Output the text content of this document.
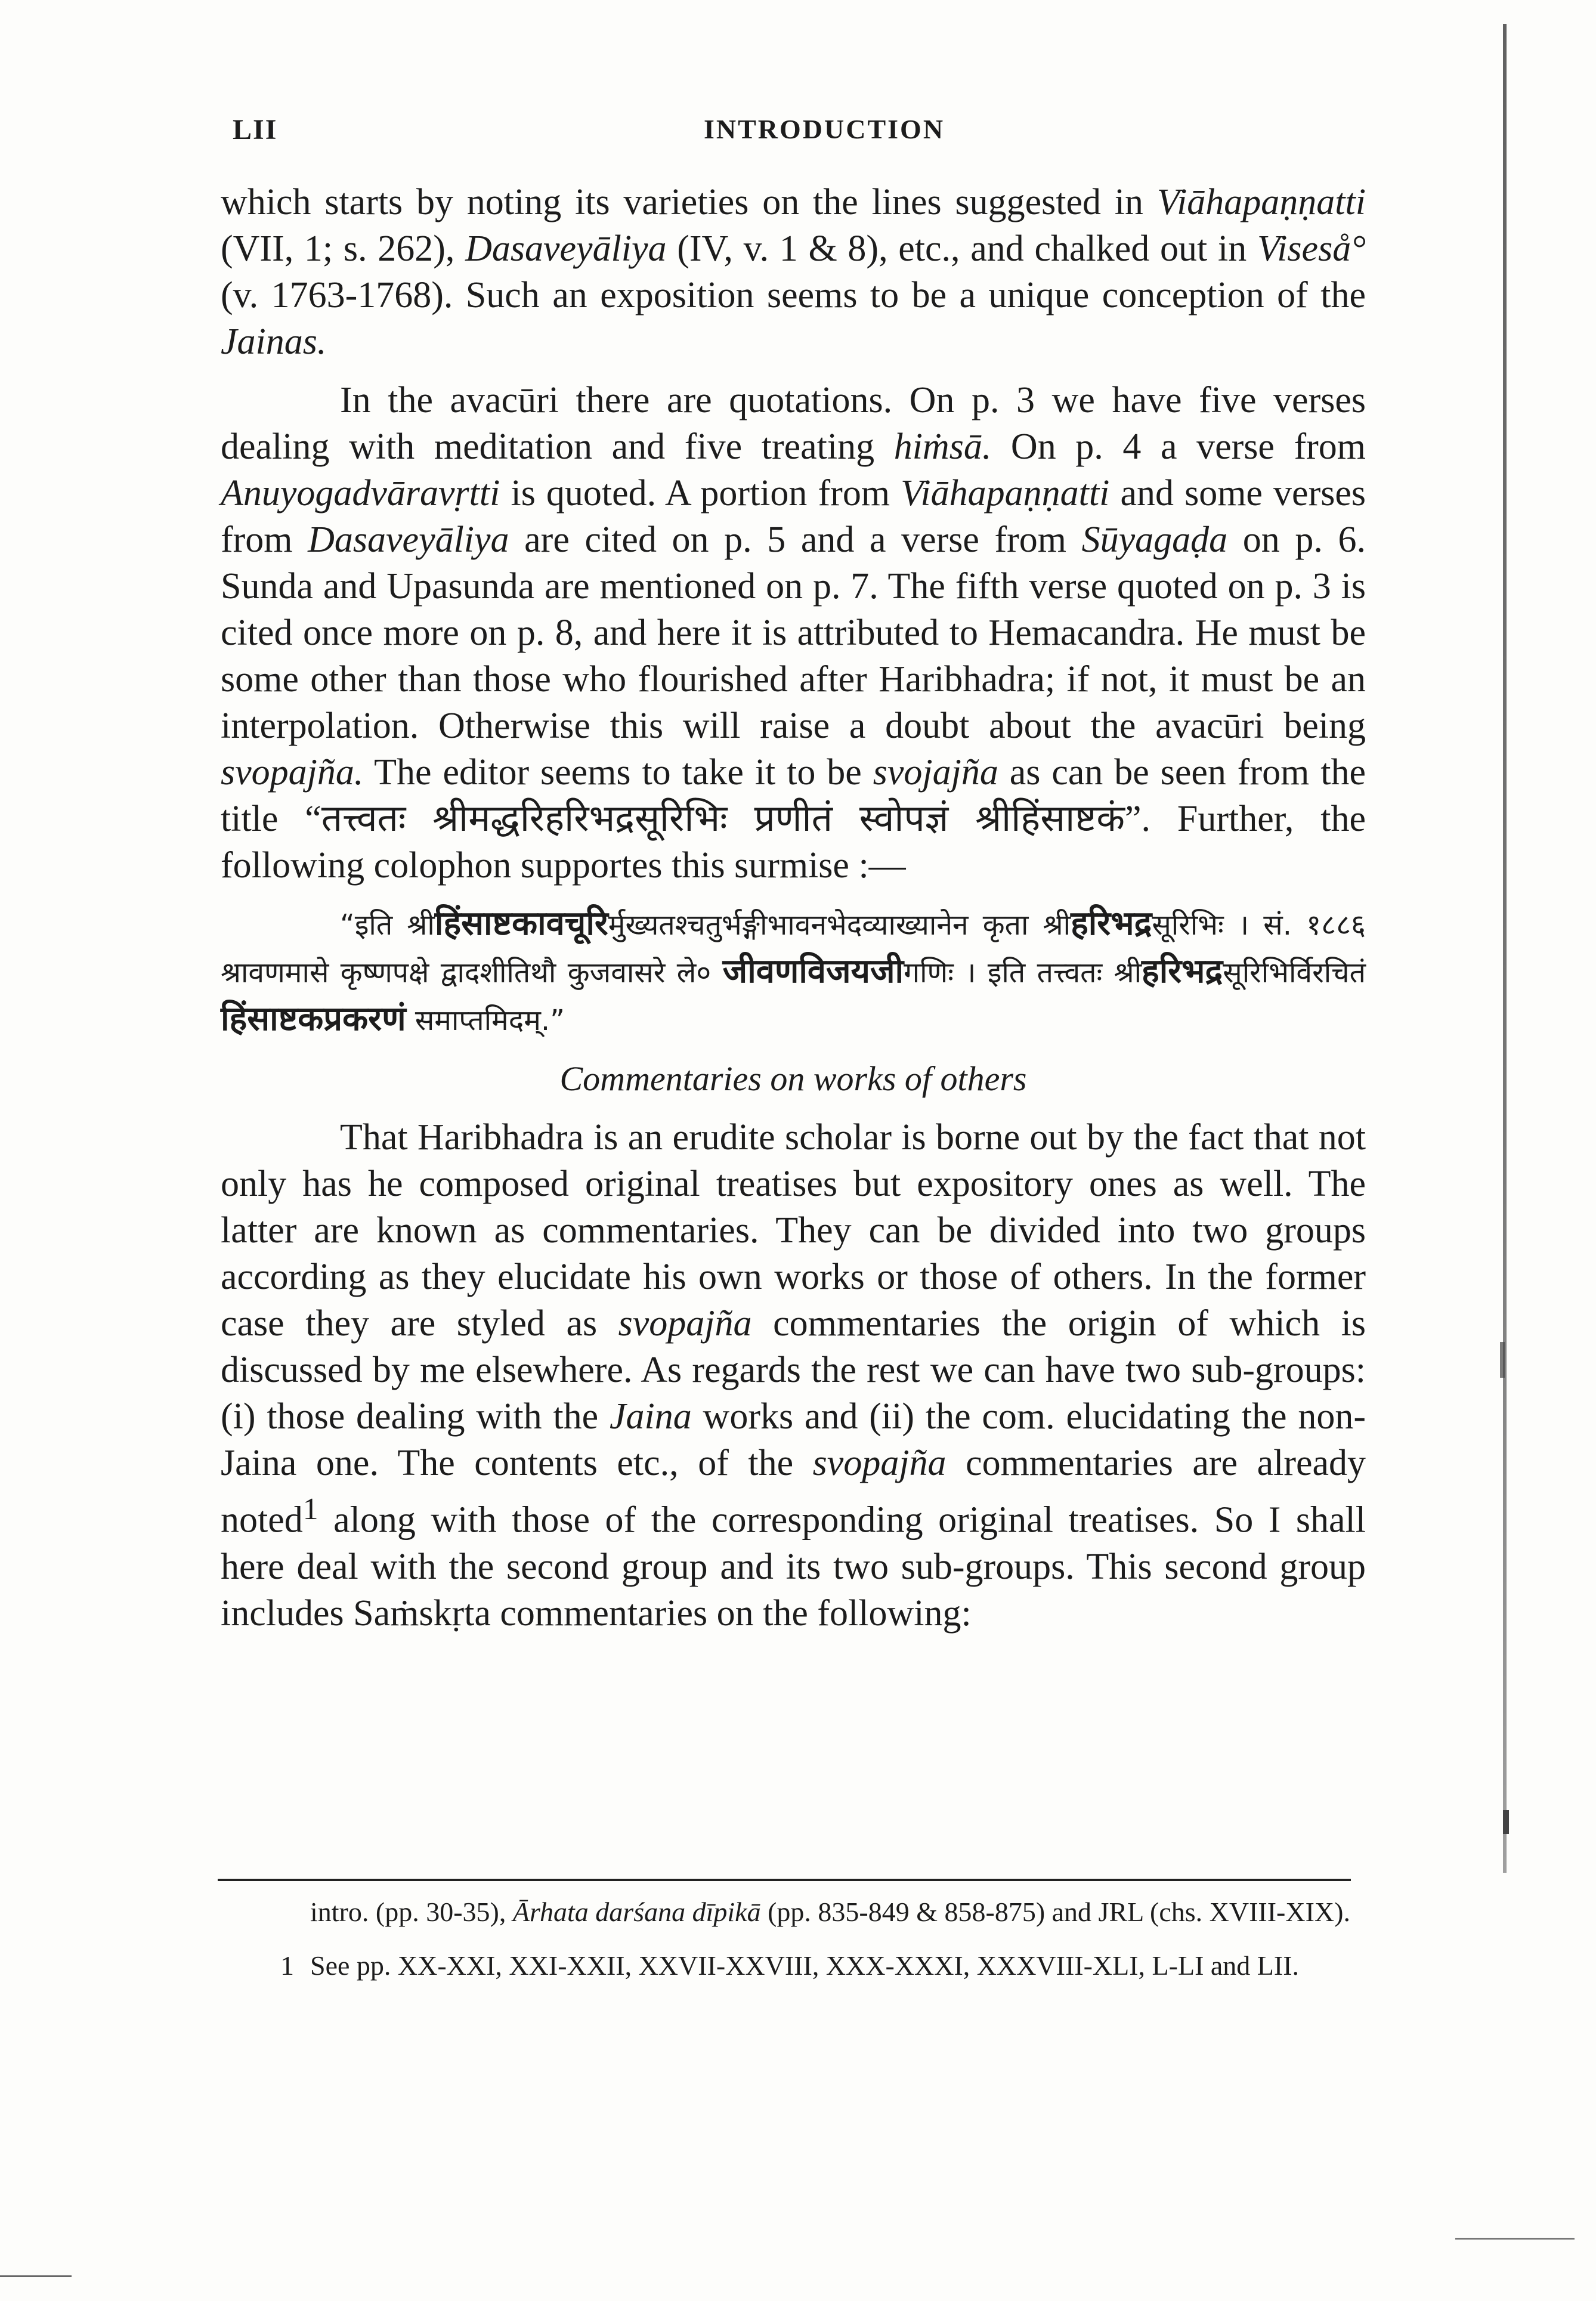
LII	INTRODUCTION

which starts by noting its varieties on the lines suggested in Viāhapaṇṇatti (VII, 1; s. 262), Dasaveyāliya (IV, v. 1 & 8), etc., and chalked out in Viseså° (v. 1763-1768). Such an exposition seems to be a unique conception of the Jainas.

In the avacūri there are quotations. On p. 3 we have five verses dealing with meditation and five treating hiṁsā. On p. 4 a verse from Anuyogadvāravṛtti is quoted. A portion from Viāhapaṇṇatti and some verses from Dasaveyāliya are cited on p. 5 and a verse from Sūyagaḍa on p. 6. Sunda and Upasunda are mentioned on p. 7. The fifth verse quoted on p. 3 is cited once more on p. 8, and here it is attributed to Hemacandra. He must be some other than those who flourished after Haribhadra; if not, it must be an interpolation. Otherwise this will raise a doubt about the avacūri being svopajña. The editor seems to take it to be svojajña as can be seen from the title “तत्त्वतः श्रीमद्धरिहरिभद्रसूरिभिः प्रणीतं स्वोपज्ञं श्रीहिंसाष्टकं”. Further, the following colophon supportes this surmise :—

“इति श्रीहिंसाष्टकावचूरिर्मुख्यतश्चतुर्भङ्गीभावनभेदव्याख्यानेन कृता श्रीहरिभद्रसूरिभिः । सं. १८८६ श्रावणमासे कृष्णपक्षे द्वादशीतिथौ कुजवासरे ले० जीवणविजयजीगणिः । इति तत्त्वतः श्रीहरिभद्रसूरिभिर्विरचितं हिंसाष्टकप्रकरणं समाप्तमिदम्.”

Commentaries on works of others

That Haribhadra is an erudite scholar is borne out by the fact that not only has he composed original treatises but expository ones as well. The latter are known as commentaries. They can be divided into two groups according as they elucidate his own works or those of others. In the former case they are styled as svopajña commentaries the origin of which is discussed by me elsewhere. As regards the rest we can have two sub-groups: (i) those dealing with the Jaina works and (ii) the com. elucidating the non-Jaina one. The contents etc., of the svopajña commentaries are already noted$^1$ along with those of the corresponding original treatises. So I shall here deal with the second group and its two sub-groups. This second group includes Saṁskṛta commentaries on the following:

intro. (pp. 30-35), Ārhata darśana dīpikā (pp. 835-849 & 858-875) and JRL (chs. XVIII-XIX).

1 See pp. XX-XXI, XXI-XXII, XXVII-XXVIII, XXX-XXXI, XXXVIII-XLI, L-LI and LII.
